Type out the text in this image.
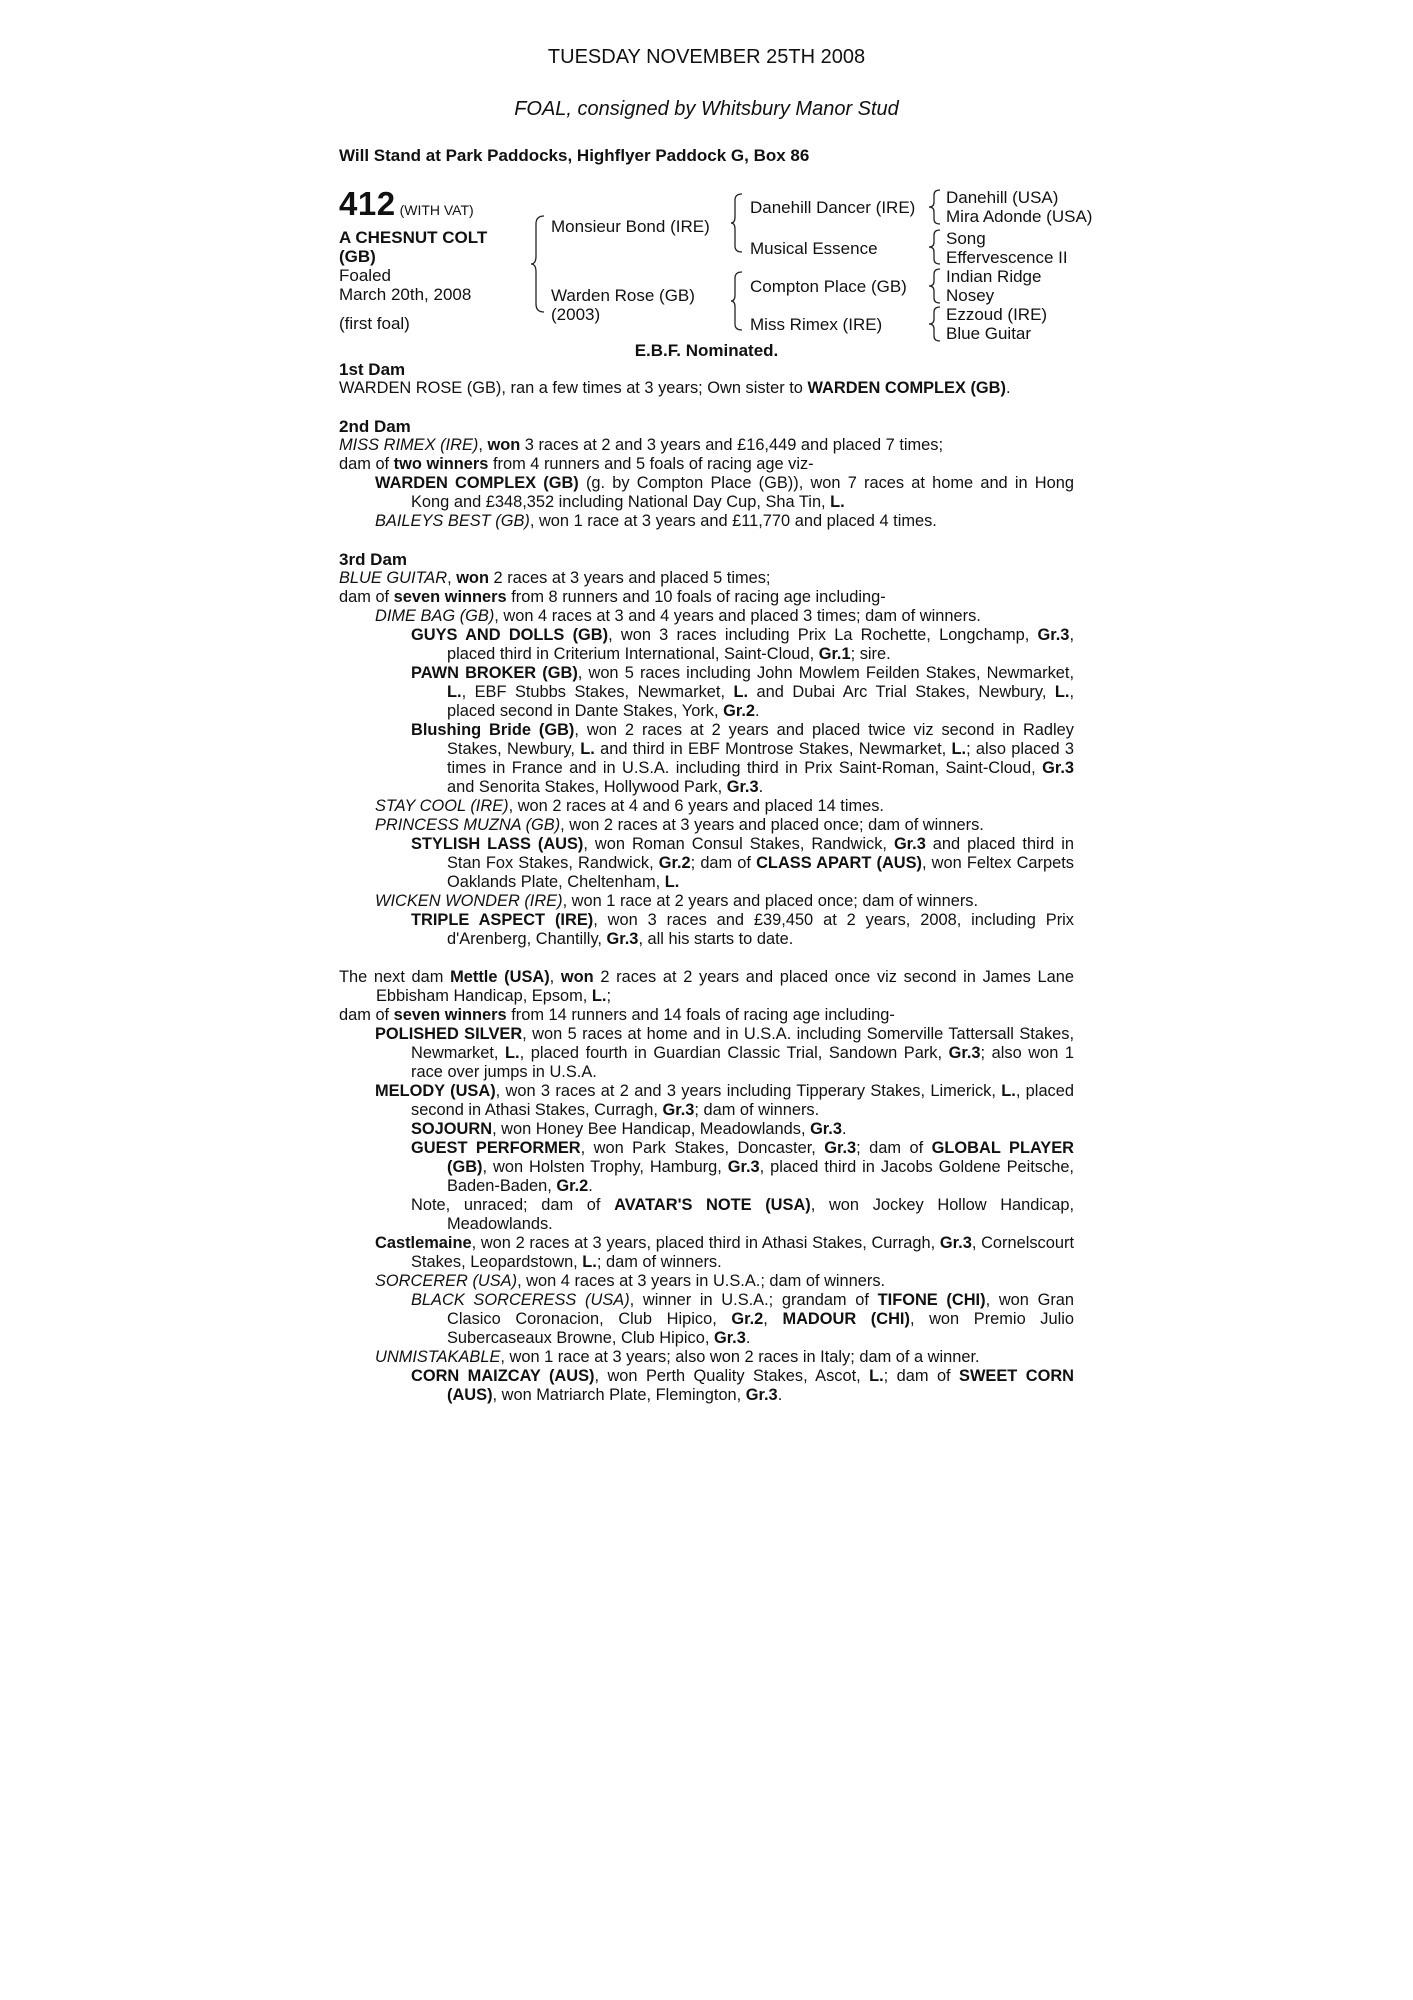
TUESDAY NOVEMBER 25TH 2008
FOAL, consigned by Whitsbury Manor Stud
Will Stand at Park Paddocks, Highflyer Paddock G, Box 86
412 (WITH VAT)
A CHESNUT COLT
(GB)
Foaled
March 20th, 2008
(first foal)
Monsieur Bond (IRE)
Warden Rose (GB)
(2003)
Danehill Dancer (IRE)
Musical Essence
Compton Place (GB)
Miss Rimex (IRE)
Danehill (USA)
Mira Adonde (USA)
Song
Effervescence II
Indian Ridge
Nosey
Ezzoud (IRE)
Blue Guitar
E.B.F. Nominated.

1st Dam

WARDEN ROSE (GB), ran a few times at 3 years; Own sister to WARDEN COMPLEX (GB).

2nd Dam

MISS RIMEX (IRE), won 3 races at 2 and 3 years and £16,449 and placed 7 times;

dam of two winners from 4 runners and 5 foals of racing age viz-

WARDEN COMPLEX (GB) (g. by Compton Place (GB)), won 7 races at home and in Hong Kong and £348,352 including National Day Cup, Sha Tin, L.

BAILEYS BEST (GB), won 1 race at 3 years and £11,770 and placed 4 times.

3rd Dam

BLUE GUITAR, won 2 races at 3 years and placed 5 times;

dam of seven winners from 8 runners and 10 foals of racing age including-

DIME BAG (GB), won 4 races at 3 and 4 years and placed 3 times; dam of winners.

GUYS AND DOLLS (GB), won 3 races including Prix La Rochette, Longchamp, Gr.3, placed third in Criterium International, Saint-Cloud, Gr.1; sire.

PAWN BROKER (GB), won 5 races including John Mowlem Feilden Stakes, Newmarket, L., EBF Stubbs Stakes, Newmarket, L. and Dubai Arc Trial Stakes, Newbury, L., placed second in Dante Stakes, York, Gr.2.

Blushing Bride (GB), won 2 races at 2 years and placed twice viz second in Radley Stakes, Newbury, L. and third in EBF Montrose Stakes, Newmarket, L.; also placed 3 times in France and in U.S.A. including third in Prix Saint-Roman, Saint-Cloud, Gr.3 and Senorita Stakes, Hollywood Park, Gr.3.

STAY COOL (IRE), won 2 races at 4 and 6 years and placed 14 times.

PRINCESS MUZNA (GB), won 2 races at 3 years and placed once; dam of winners.

STYLISH LASS (AUS), won Roman Consul Stakes, Randwick, Gr.3 and placed third in Stan Fox Stakes, Randwick, Gr.2; dam of CLASS APART (AUS), won Feltex Carpets Oaklands Plate, Cheltenham, L.

WICKEN WONDER (IRE), won 1 race at 2 years and placed once; dam of winners.

TRIPLE ASPECT (IRE), won 3 races and £39,450 at 2 years, 2008, including Prix d'Arenberg, Chantilly, Gr.3, all his starts to date.

The next dam Mettle (USA), won 2 races at 2 years and placed once viz second in James Lane Ebbisham Handicap, Epsom, L.;

dam of seven winners from 14 runners and 14 foals of racing age including-

POLISHED SILVER, won 5 races at home and in U.S.A. including Somerville Tattersall Stakes, Newmarket, L., placed fourth in Guardian Classic Trial, Sandown Park, Gr.3; also won 1 race over jumps in U.S.A.

MELODY (USA), won 3 races at 2 and 3 years including Tipperary Stakes, Limerick, L., placed second in Athasi Stakes, Curragh, Gr.3; dam of winners.

SOJOURN, won Honey Bee Handicap, Meadowlands, Gr.3.

GUEST PERFORMER, won Park Stakes, Doncaster, Gr.3; dam of GLOBAL PLAYER (GB), won Holsten Trophy, Hamburg, Gr.3, placed third in Jacobs Goldene Peitsche, Baden-Baden, Gr.2.

Note, unraced; dam of AVATAR'S NOTE (USA), won Jockey Hollow Handicap, Meadowlands.

Castlemaine, won 2 races at 3 years, placed third in Athasi Stakes, Curragh, Gr.3, Cornelscourt Stakes, Leopardstown, L.; dam of winners.

SORCERER (USA), won 4 races at 3 years in U.S.A.; dam of winners.

BLACK SORCERESS (USA), winner in U.S.A.; grandam of TIFONE (CHI), won Gran Clasico Coronacion, Club Hipico, Gr.2, MADOUR (CHI), won Premio Julio Subercaseaux Browne, Club Hipico, Gr.3.

UNMISTAKABLE, won 1 race at 3 years; also won 2 races in Italy; dam of a winner.

CORN MAIZCAY (AUS), won Perth Quality Stakes, Ascot, L.; dam of SWEET CORN (AUS), won Matriarch Plate, Flemington, Gr.3.
